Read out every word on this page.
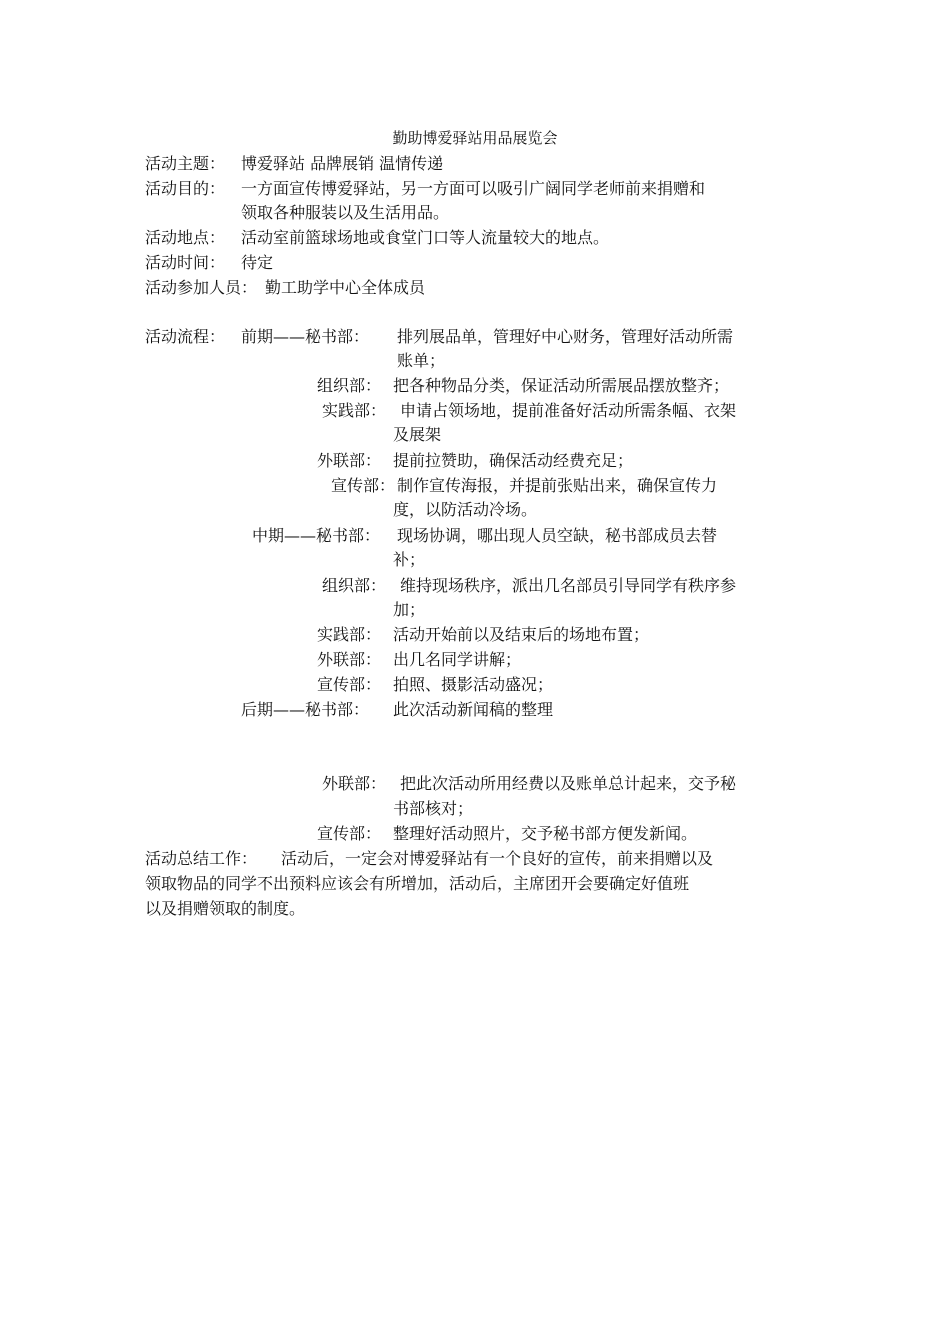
勤助博爱驿站用品展览会
活动主题： 博爱驿站 品牌展销 温情传递
活动目的： 一方面宣传博爱驿站，另一方面可以吸引广阔同学老师前来捐赠和
领取各种服装以及生活用品。
活动地点： 活动室前篮球场地或食堂门口等人流量较大的地点。
活动时间： 待定
活动参加人员： 勤工助学中心全体成员
活动流程： 前期——秘书部： 排列展品单，管理好中心财务，管理好活动所需
账单；
组织部： 把各种物品分类，保证活动所需展品摆放整齐；
实践部： 申请占领场地，提前准备好活动所需条幅、衣架
及展架
外联部： 提前拉赞助，确保活动经费充足；
宣传部： 制作宣传海报，并提前张贴出来，确保宣传力
度，以防活动冷场。
中期——秘书部： 现场协调，哪出现人员空缺，秘书部成员去替
补；
组织部： 维持现场秩序，派出几名部员引导同学有秩序参
加；
实践部： 活动开始前以及结束后的场地布置；
外联部： 出几名同学讲解；
宣传部： 拍照、摄影活动盛况；
后期——秘书部： 此次活动新闻稿的整理
外联部： 把此次活动所用经费以及账单总计起来，交予秘
书部核对；
宣传部： 整理好活动照片，交予秘书部方便发新闻。
活动总结工作： 活动后，一定会对博爱驿站有一个良好的宣传，前来捐赠以及
领取物品的同学不出预料应该会有所增加，活动后，主席团开会要确定好值班
以及捐赠领取的制度。
